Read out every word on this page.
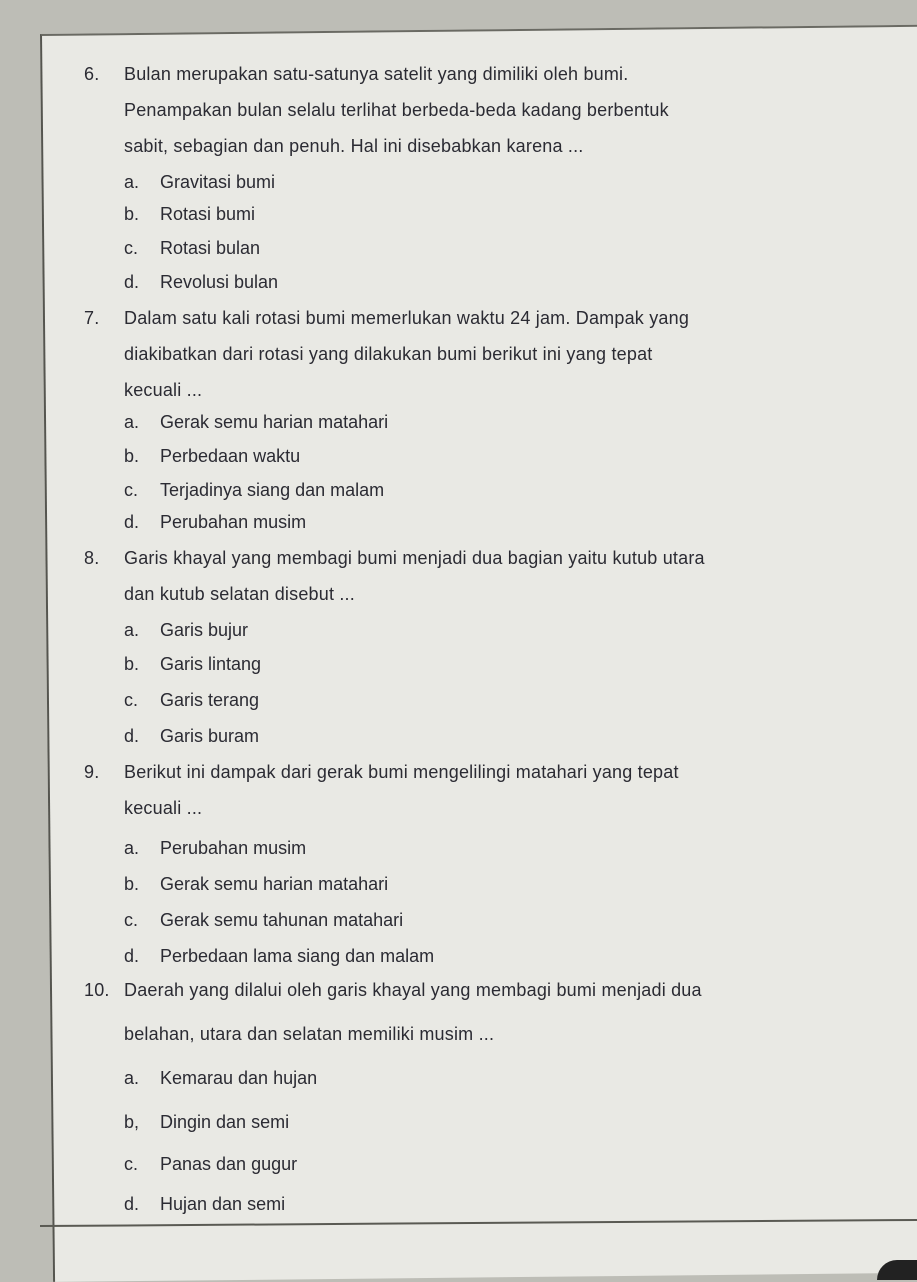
6. Bulan merupakan satu-satunya satelit yang dimiliki oleh bumi.
Penampakan bulan selalu terlihat berbeda-beda kadang berbentuk
sabit, sebagian dan penuh. Hal ini disebabkan karena ...
a. Gravitasi bumi
b. Rotasi bumi
c. Rotasi bulan
d. Revolusi bulan
7. Dalam satu kali rotasi bumi memerlukan waktu 24 jam. Dampak yang
diakibatkan dari rotasi yang dilakukan bumi berikut ini yang tepat
kecuali ...
a. Gerak semu harian matahari
b. Perbedaan waktu
c. Terjadinya siang dan malam
d. Perubahan musim
8. Garis khayal yang membagi bumi menjadi dua bagian yaitu kutub utara
dan kutub selatan disebut ...
a. Garis bujur
b. Garis lintang
c. Garis terang
d. Garis buram
9. Berikut ini dampak dari gerak bumi mengelilingi matahari yang tepat
kecuali ...
a. Perubahan musim
b. Gerak semu harian matahari
c. Gerak semu tahunan matahari
d. Perbedaan lama siang dan malam
10. Daerah yang dilalui oleh garis khayal yang membagi bumi menjadi dua
belahan, utara dan selatan memiliki musim ...
a. Kemarau dan hujan
b, Dingin dan semi
c. Panas dan gugur
d. Hujan dan semi
